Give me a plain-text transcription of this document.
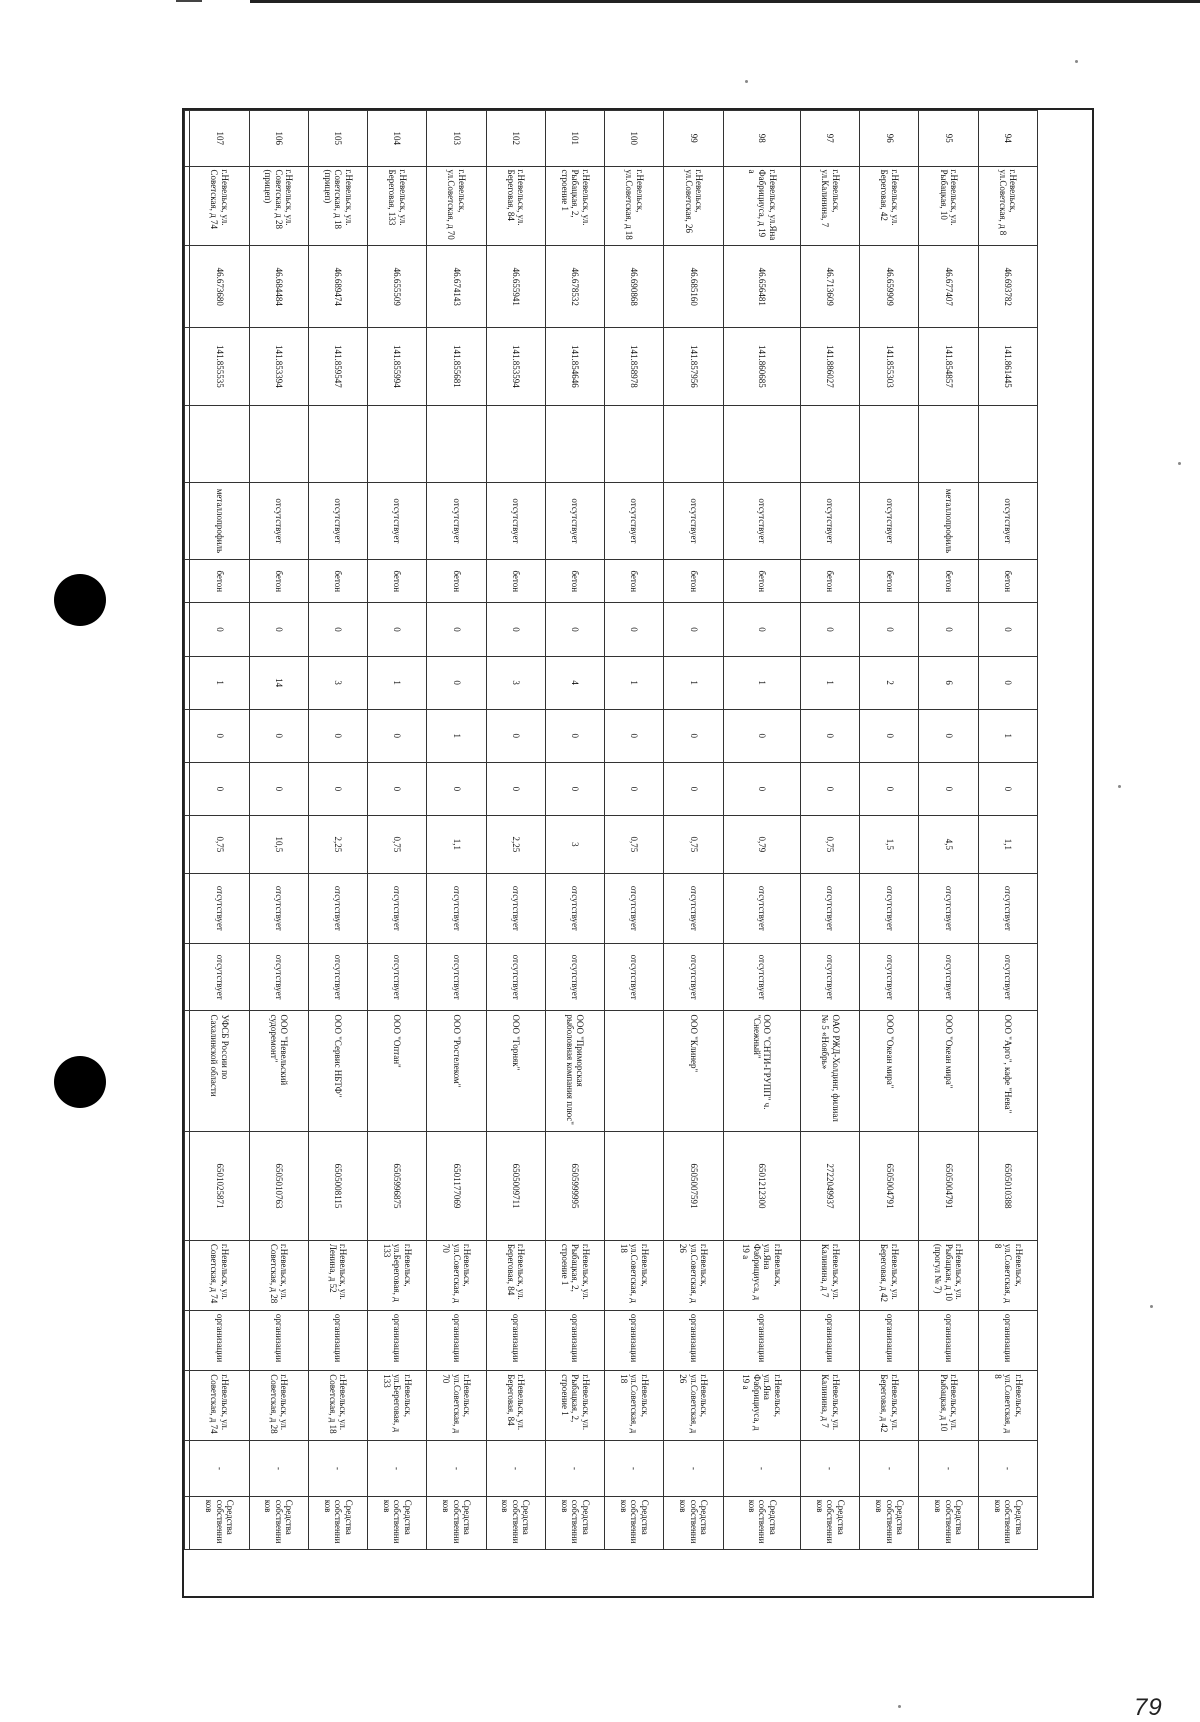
94	г.Невельск, ул.Советская, д 8	46.693782	141.861445		отсутствует	бетон	0	0	1	0	1,1	отсутствует	отсутствует	ООО "Арго", кафе "Нева"	6505010388	г.Невельск, ул.Советская, д 8	организации	г.Невельск, ул.Советская, д 8	-	Средства собственников
95	г.Невельск, ул. Рыбацкая, 10	46.677407	141.854857		металлопрофиль	бетон	0	6	0	0	4,5	отсутствует	отсутствует	ООО "Океан мира"	6505004791	г.Невельск, ул. Рыбацкая, д 10 (прогул № 7)	организации	г.Невельск, ул. Рыбацкая, д 10	-	Средства собственников
96	г.Невельск, ул. Береговая, 42	46.659909	141.855303		отсутствует	бетон	0	2	0	0	1,5	отсутствует	отсутствует	ООО "Океан мира"	6505004791	г.Невельск, ул. Береговая, д 42	организации	г.Невельск, ул. Береговая, д 42	-	Средства собственников
97	г.Невельск, ул.Калинина, 7	46.713609	141.886027		отсутствует	бетон	0	1	0	0	0,75	отсутствует	отсутствует	ОАО РЖД-Холдинг, филиал № 5 «Ноябрь»	2722049937	г.Невельск, ул. Калинина, д 7	организации	г.Невельск, ул. Калинина, д 7	-	Средства собственников
98	г.Невельск, ул.Яна Фабрициуса, д 19 а	46.656481	141.860685		отсутствует	бетон	0	1	0	0	0,79	отсутствует	отсутствует	ООО "СНТИ-ГРУПП" ч. "Снежный"	6501212300	г.Невельск, ул.Яна Фабрициуса, д 19 а	организации	г.Невельск, ул.Яна Фабрициуса, д 19 а	-	Средства собственников
99	г.Невельск, ул.Советская, 26	46.685160	141.857956		отсутствует	бетон	0	1	0	0	0,75	отсутствует	отсутствует	ООО "Клинер"	6505007591	г.Невельск, ул.Советская, д 26	организации	г.Невельск, ул.Советская, д 26	-	Средства собственников
100	г.Невельск, ул.Советская, д 18	46.690868	141.858978		отсутствует	бетон	0	1	0	0	0,75	отсутствует	отсутствует			г.Невельск, ул.Советская, д 18	организации	г.Невельск, ул.Советская, д 18	-	Средства собственников
101	г.Невельск, ул. Рыбацкая, 2, строение 1	46.678532	141.854646		отсутствует	бетон	0	4	0	0	3	отсутствует	отсутствует	ООО "Приморская рыболовная компания плюс"	6505999995	г.Невельск, ул. Рыбацкая, 2, строение 1	организации	г.Невельск, ул. Рыбацкая, 2, строение 1	-	Средства собственников
102	г.Невельск, ул. Береговая, 84	46.655941	141.853594		отсутствует	бетон	0	3	0	0	2,25	отсутствует	отсутствует	ООО "Горняк"	6505009711	г.Невельск, ул. Береговая, 84	организации	г.Невельск, ул. Береговая, 84	-	Средства собственников
103	г.Невельск, ул.Советская, д 70	46.674143	141.855681		отсутствует	бетон	0	0	1	0	1,1	отсутствует	отсутствует	ООО "Ростелеком"	6501177069	г.Невельск, ул.Советская, д 70	организации	г.Невельск, ул.Советская, д 70	-	Средства собственников
104	г.Невельск, ул. Береговая, 133	46.655509	141.855994		отсутствует	бетон	0	1	0	0	0,75	отсутствует	отсутствует	ООО "Оптан"	6505996875	г.Невельск, ул.Береговая, д 133	организации	г.Невельск, ул.Береговая, д 133	-	Средства собственников
105	г.Невельск, ул. Советская, д 18 (прицеп)	46.689474	141.859547		отсутствует	бетон	0	3	0	0	2,25	отсутствует	отсутствует	ООО "Сервис НБТФ"	6505008115	г.Невельск, ул. Ленина, д 52	организации	г.Невельск, ул. Советская, д 18	-	Средства собственников
106	г.Невельск, ул. Советская, д 28 (прицеп)	46.684484	141.853394		отсутствует	бетон	0	14	0	0	10,5	отсутствует	отсутствует	ООО "Невельский судоремонт"	6505010763	г.Невельск, ул. Советская, д 28	организации	г.Невельск, ул. Советская, д 28	-	Средства собственников
107	г.Невельск, ул. Советская, д 74	46.673680	141.855535		металлопрофиль	бетон	0	1	0	0	0,75	отсутствует	отсутствует	УФСБ России по Сахалинской области	6501025871	г.Невельск, ул. Советская, д 74	организации	г.Невельск, ул. Советская, д 74	-	Средства собственников

79
